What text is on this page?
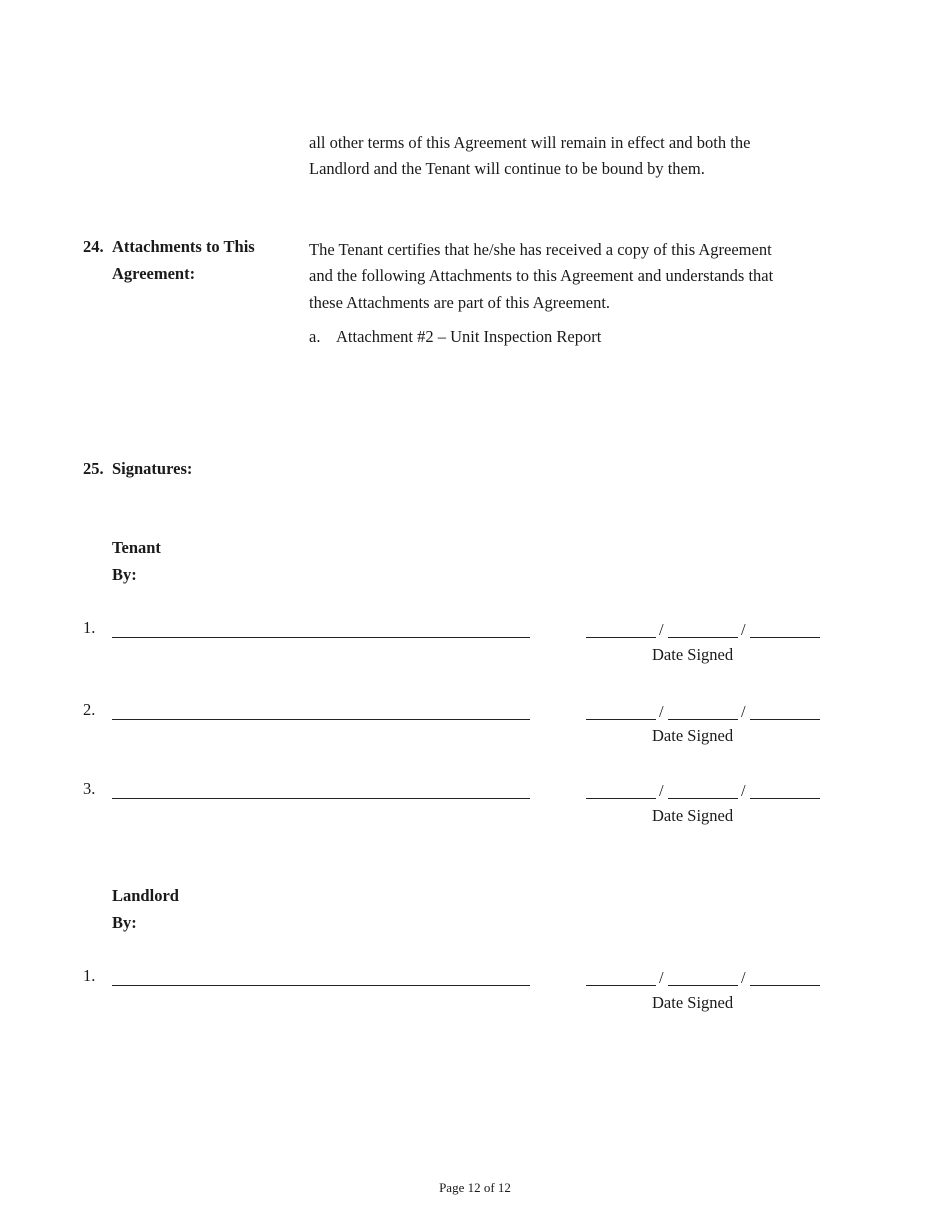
all other terms of this Agreement will remain in effect and both the
Landlord and the Tenant will continue to be bound by them.
24. Attachments to This
Agreement:
The Tenant certifies that he/she has received a copy of this Agreement
and the following Attachments to this Agreement and understands that
these Attachments are part of this Agreement.
a. Attachment #2 – Unit Inspection Report
25. Signatures:
Tenant
By:
1.	/	/
Date Signed
2.	/	/
Date Signed
3.	/	/
Date Signed
Landlord
By:
1.	/	/
Date Signed
Page 12 of 12
